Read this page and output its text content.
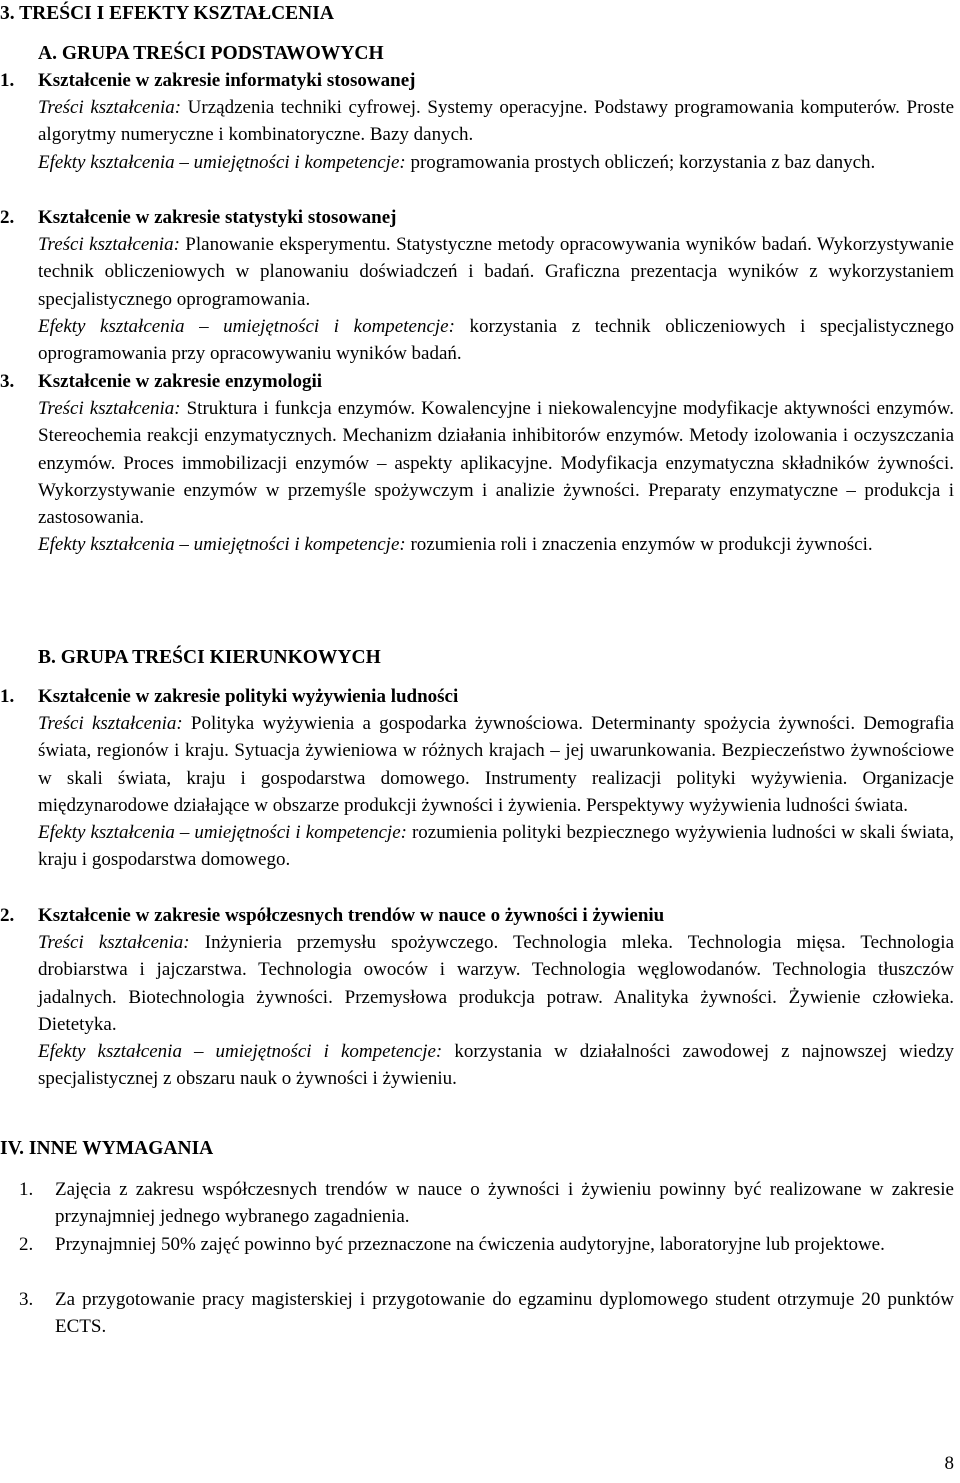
3. TREŚCI I EFEKTY KSZTAŁCENIA

A. GRUPA TREŚCI PODSTAWOWYCH

1. Kształcenie w zakresie informatyki stosowanej

Treści kształcenia: Urządzenia techniki cyfrowej. Systemy operacyjne. Podstawy programowania komputerów. Proste algorytmy numeryczne i kombinatoryczne. Bazy danych.

Efekty kształcenia – umiejętności i kompetencje: programowania prostych obliczeń; korzystania z baz danych.

2. Kształcenie w zakresie statystyki stosowanej

Treści kształcenia: Planowanie eksperymentu. Statystyczne metody opracowywania wyników badań. Wykorzystywanie technik obliczeniowych w planowaniu doświadczeń i badań. Graficzna prezentacja wyników z wykorzystaniem specjalistycznego oprogramowania.

Efekty kształcenia – umiejętności i kompetencje: korzystania z technik obliczeniowych i specjalistycznego oprogramowania przy opracowywaniu wyników badań.

3. Kształcenie w zakresie enzymologii

Treści kształcenia: Struktura i funkcja enzymów. Kowalencyjne i niekowalencyjne modyfikacje aktywności enzymów. Stereochemia reakcji enzymatycznych. Mechanizm działania inhibitorów enzymów. Metody izolowania i oczyszczania enzymów. Proces immobilizacji enzymów – aspekty aplikacyjne. Modyfikacja enzymatyczna składników żywności. Wykorzystywanie enzymów w przemyśle spożywczym i analizie żywności. Preparaty enzymatyczne – produkcja i zastosowania.

Efekty kształcenia – umiejętności i kompetencje: rozumienia roli i znaczenia enzymów w produkcji żywności.

B. GRUPA TREŚCI KIERUNKOWYCH

1. Kształcenie w zakresie polityki wyżywienia ludności

Treści kształcenia: Polityka wyżywienia a gospodarka żywnościowa. Determinanty spożycia żywności. Demografia świata, regionów i kraju. Sytuacja żywieniowa w różnych krajach – jej uwarunkowania. Bezpieczeństwo żywnościowe w skali świata, kraju i gospodarstwa domowego. Instrumenty realizacji polityki wyżywienia. Organizacje międzynarodowe działające w obszarze produkcji żywności i żywienia. Perspektywy wyżywienia ludności świata.

Efekty kształcenia – umiejętności i kompetencje: rozumienia polityki bezpiecznego wyżywienia ludności w skali świata, kraju i gospodarstwa domowego.

2. Kształcenie w zakresie współczesnych trendów w nauce o żywności i żywieniu

Treści kształcenia: Inżynieria przemysłu spożywczego. Technologia mleka. Technologia mięsa. Technologia drobiarstwa i jajczarstwa. Technologia owoców i warzyw. Technologia węglowodanów. Technologia tłuszczów jadalnych. Biotechnologia żywności. Przemysłowa produkcja potraw. Analityka żywności. Żywienie człowieka. Dietetyka.

Efekty kształcenia – umiejętności i kompetencje: korzystania w działalności zawodowej z najnowszej wiedzy specjalistycznej z obszaru nauk o żywności i żywieniu.

IV. INNE WYMAGANIA

1. Zajęcia z zakresu współczesnych trendów w nauce o żywności i żywieniu powinny być realizowane w zakresie przynajmniej jednego wybranego zagadnienia.

2. Przynajmniej 50% zajęć powinno być przeznaczone na ćwiczenia audytoryjne, laboratoryjne lub projektowe.

3. Za przygotowanie pracy magisterskiej i przygotowanie do egzaminu dyplomowego student otrzymuje 20 punktów ECTS.

8
